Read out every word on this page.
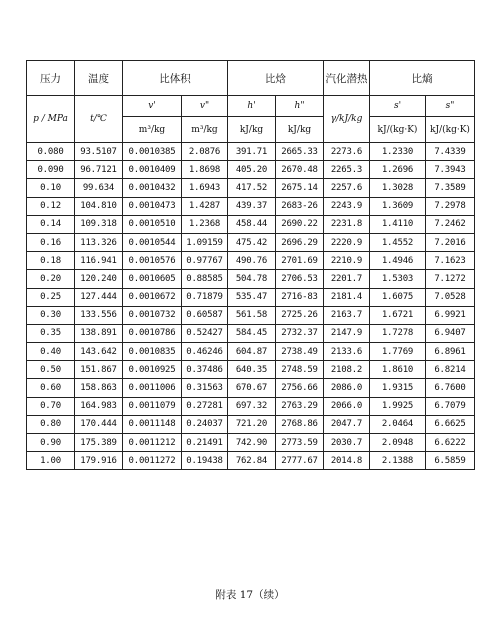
压力	温度	比体积		比焓		汽化潜热	比熵	
p / MPa	t/℃	v'	v"	h'	h"	γ/kJ/kg	s'	s"
		m³/kg	m³/kg	kJ/kg	kJ/kg		kJ/(kg·K)	kJ/(kg·K)
0.080	93.5107	0.0010385	2.0876	391.71	2665.33	2273.6	1.2330	7.4339
0.090	96.7121	0.0010409	1.8698	405.20	2670.48	2265.3	1.2696	7.3943
0.10	99.634	0.0010432	1.6943	417.52	2675.14	2257.6	1.3028	7.3589
0.12	104.810	0.0010473	1.4287	439.37	2683-26	2243.9	1.3609	7.2978
0.14	109.318	0.0010510	1.2368	458.44	2690.22	2231.8	1.4110	7.2462
0.16	113.326	0.0010544	1.09159	475.42	2696.29	2220.9	1.4552	7.2016
0.18	116.941	0.0010576	0.97767	490.76	2701.69	2210.9	1.4946	7.1623
0.20	120.240	0.0010605	0.88585	504.78	2706.53	2201.7	1.5303	7.1272
0.25	127.444	0.0010672	0.71879	535.47	2716-83	2181.4	1.6075	7.0528
0.30	133.556	0.0010732	0.60587	561.58	2725.26	2163.7	1.6721	6.9921
0.35	138.891	0.0010786	0.52427	584.45	2732.37	2147.9	1.7278	6.9407
0.40	143.642	0.0010835	0.46246	604.87	2738.49	2133.6	1.7769	6.8961
0.50	151.867	0.0010925	0.37486	640.35	2748.59	2108.2	1.8610	6.8214
0.60	158.863	0.0011006	0.31563	670.67	2756.66	2086.0	1.9315	6.7600
0.70	164.983	0.0011079	0.27281	697.32	2763.29	2066.0	1.9925	6.7079
0.80	170.444	0.0011148	0.24037	721.20	2768.86	2047.7	2.0464	6.6625
0.90	175.389	0.0011212	0.21491	742.90	2773.59	2030.7	2.0948	6.6222
1.00	179.916	0.0011272	0.19438	762.84	2777.67	2014.8	2.1388	6.5859
附表 17（续）
